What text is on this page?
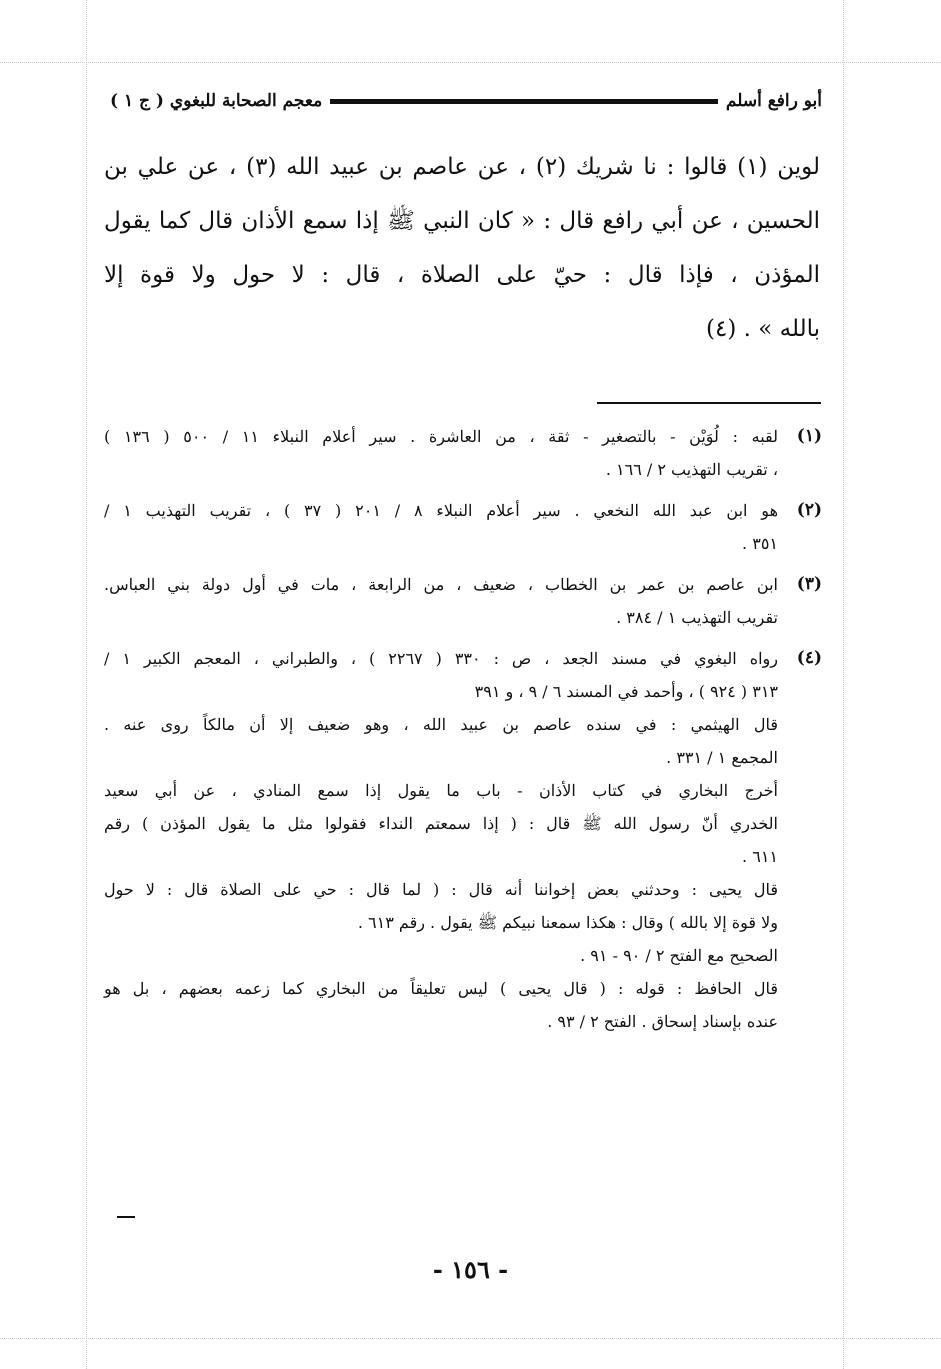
أبو رافع أسلم
معجم الصحابة للبغوي ( ج ١ )
لوين (١) قالوا : نا شريك (٢) ، عن عاصم بن عبيد الله (٣) ، عن علي بن
الحسين ، عن أبي رافع قال : « كان النبي ﷺ إذا سمع الأذان قال كما يقول
المؤذن ، فإذا قال : حيّ على الصلاة ، قال : لا حول ولا قوة إلا
بالله » . (٤)
(١)
لقبه : لُوَيْن - بالتصغير - ثقة ، من العاشرة . سير أعلام النبلاء ١١ / ٥٠٠ ( ١٣٦ )
، تقريب التهذيب ٢ / ١٦٦ .
(٢)
هو ابن عبد الله النخعي . سير أعلام النبلاء ٨ / ٢٠١ ( ٣٧ ) ، تقريب التهذيب ١ /
٣٥١ .
(٣)
ابن عاصم بن عمر بن الخطاب ، ضعيف ، من الرابعة ، مات في أول دولة بني العباس.
تقريب التهذيب ١ / ٣٨٤ .
(٤)
رواه البغوي في مسند الجعد ، ص : ٣٣٠ ( ٢٢٦٧ ) ، والطبراني ، المعجم الكبير ١ /
٣١٣ ( ٩٢٤ ) ، وأحمد في المسند ٦ / ٩ ، و ٣٩١
قال الهيثمي : في سنده عاصم بن عبيد الله ، وهو ضعيف إلا أن مالكاً روى عنه .
المجمع ١ / ٣٣١ .
أخرج البخاري في كتاب الأذان - باب ما يقول إذا سمع المنادي ، عن أبي سعيد
الخدري أنّ رسول الله ﷺ قال : ( إذا سمعتم النداء فقولوا مثل ما يقول المؤذن ) رقم
٦١١ .
قال يحيى : وحدثني بعض إخواننا أنه قال : ( لما قال : حي على الصلاة قال : لا حول
ولا قوة إلا بالله ) وقال : هكذا سمعنا نبيكم ﷺ يقول . رقم ٦١٣ .
الصحيح مع الفتح ٢ / ٩٠ - ٩١ .
قال الحافظ : قوله : ( قال يحيى ) ليس تعليقاً من البخاري كما زعمه بعضهم ، بل هو
عنده بإسناد إسحاق . الفتح ٢ / ٩٣ .
- ١٥٦ -
